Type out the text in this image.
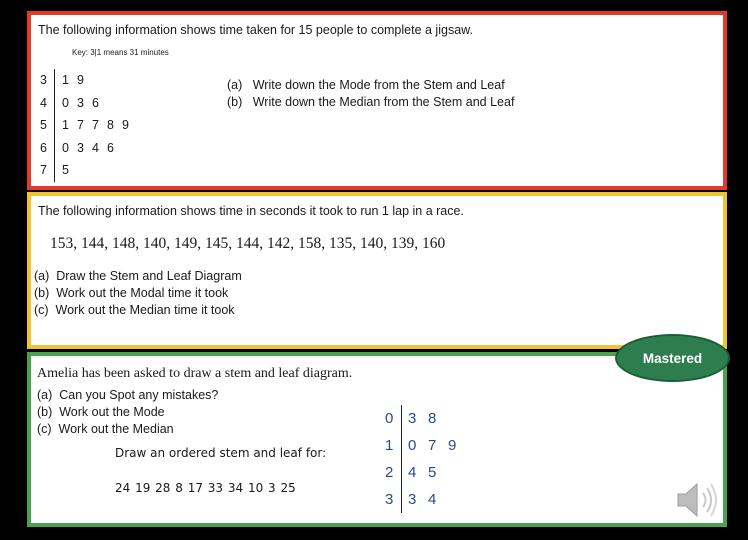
The following information shows time taken for 15 people to complete a jigsaw.
Key: 3|1 means 31 minutes
3	1 9
4	0 3 6
5	1 7 7 8 9
6	0 3 4 6
7	5
(a) Write down the Mode from the Stem and Leaf
(b) Write down the Median from the Stem and Leaf
The following information shows time in seconds it took to run 1 lap in a race.
153, 144, 148, 140, 149, 145, 144, 142, 158, 135, 140, 139, 160
(a) Draw the Stem and Leaf Diagram
(b) Work out the Modal time it took
(c) Work out the Median time it took
Amelia has been asked to draw a stem and leaf diagram.
(a) Can you Spot any mistakes?
(b) Work out the Mode
(c) Work out the Median
Draw an ordered stem and leaf for:
24 19 28 8 17 33 34 10 3 25
0	3 8
1	0 7 9
2	4 5
3	3 4
Mastered
